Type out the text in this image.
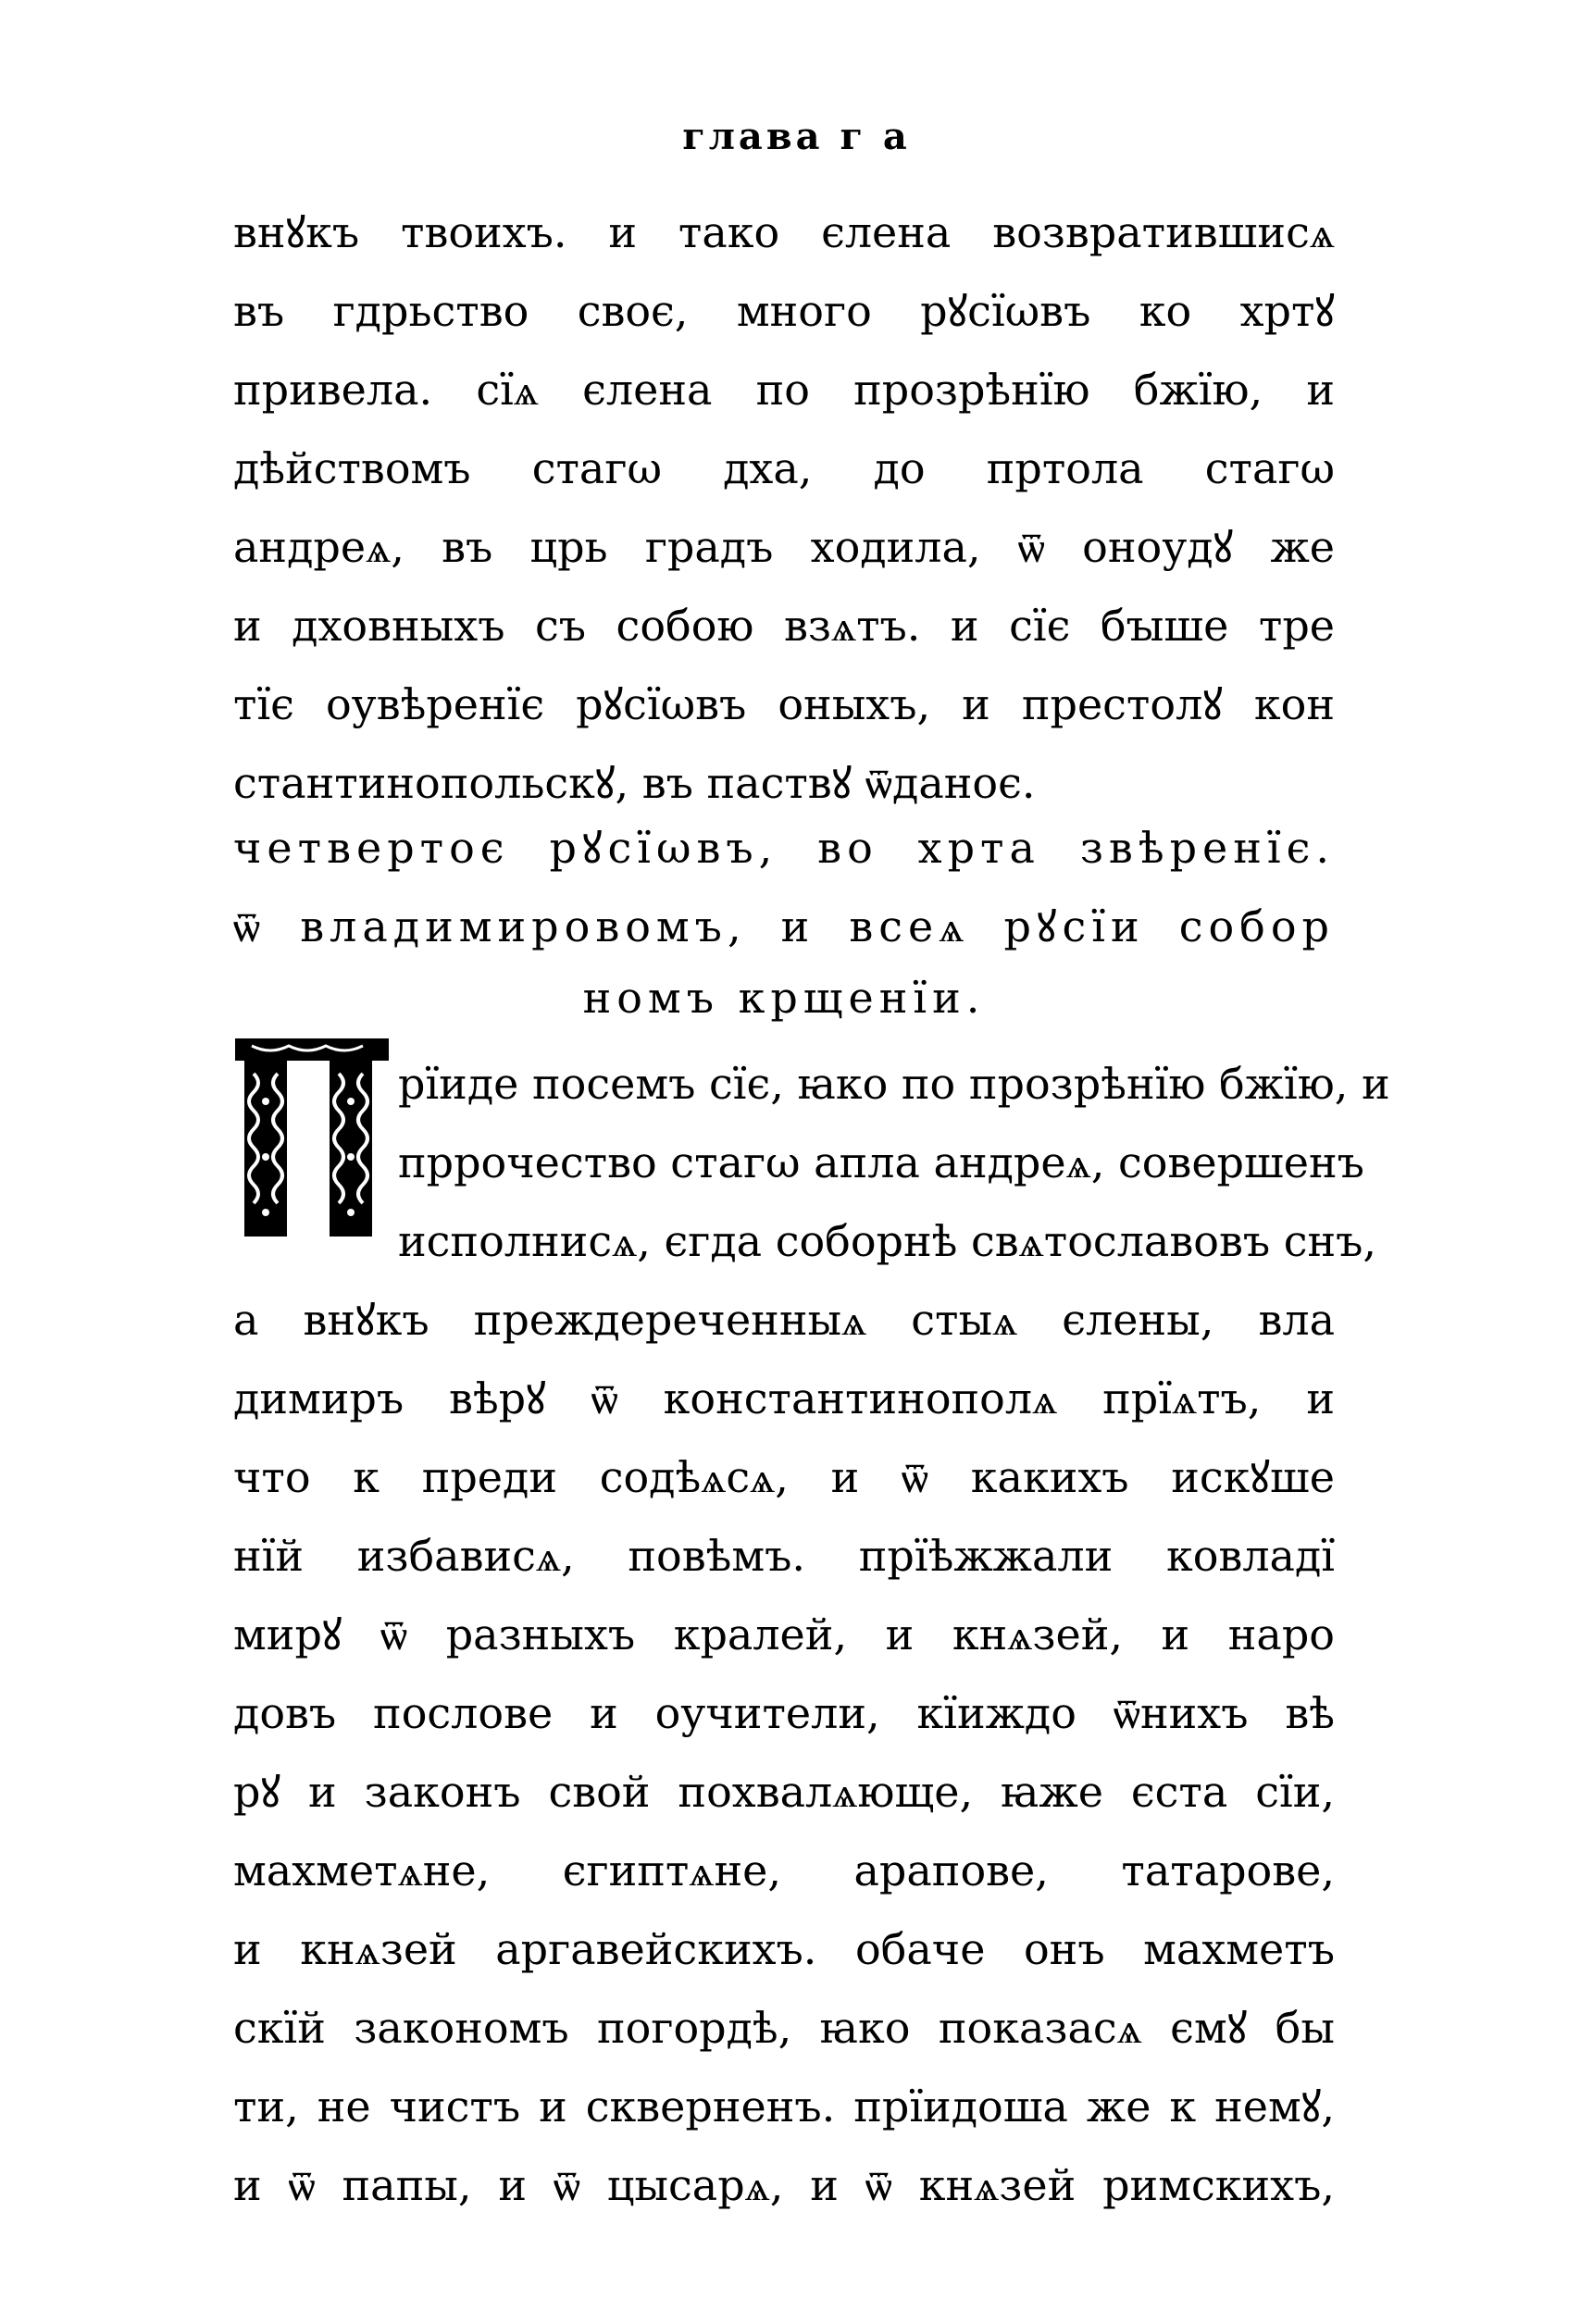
глава г а
внꙋкъ твоихъ. и тако єлена возвратившисѧ
въ гдрьство своє, много рꙋсїωвъ ко хртꙋ
привела. сїѧ єлена по прозрѣнїю бжїю, и
дѣйствомъ стагω дха, до пртола стагω
андреѧ, въ црь градъ ходила, ѿ оноудꙋ же
и дховныхъ съ собою взѧтъ. и сїє бꙑше тре
тїє оувѣренїє рꙋсїωвъ оныхъ, и престолꙋ кон
стантинопольскꙋ, въ паствꙋ ѿданоє.
четвертоє рꙋсїωвъ, во хрта звѣренїє.
ѿ владимировомъ, и всеѧ рꙋсїи собор
номъ крщенїи.
рїиде посемъ сїє, ꙗко по прозрѣнїю бжїю, и
пррочество стагω апла андреѧ, совершенъ
исполнисѧ, єгда соборнѣ свѧтославовъ снъ,
а внꙋкъ преждереченныѧ стыѧ єлены, вла
димиръ вѣрꙋ ѿ константинополѧ прїѧтъ, и
что к преди содѣѧсѧ, и ѿ какихъ искꙋше
нїй избависѧ, повѣмъ. прїѣжжали ковладї
мирꙋ ѿ разныхъ кралей, и кнѧзей, и наро
довъ послове и оучители, кїиждо ѿнихъ вѣ
рꙋ и законъ свой похвалѧюще, ꙗже єста сїи,
махметѧне, єгиптѧне, арапове, татарове,
и кнѧзей аргавейскихъ. обаче онъ махметъ
скїй закономъ погордѣ, ꙗко показасѧ ємꙋ бы
ти, не чистъ и скверненъ. прїидоша же к немꙋ,
и ѿ папы, и ѿ цысарѧ, и ѿ кнѧзей римскихъ,
